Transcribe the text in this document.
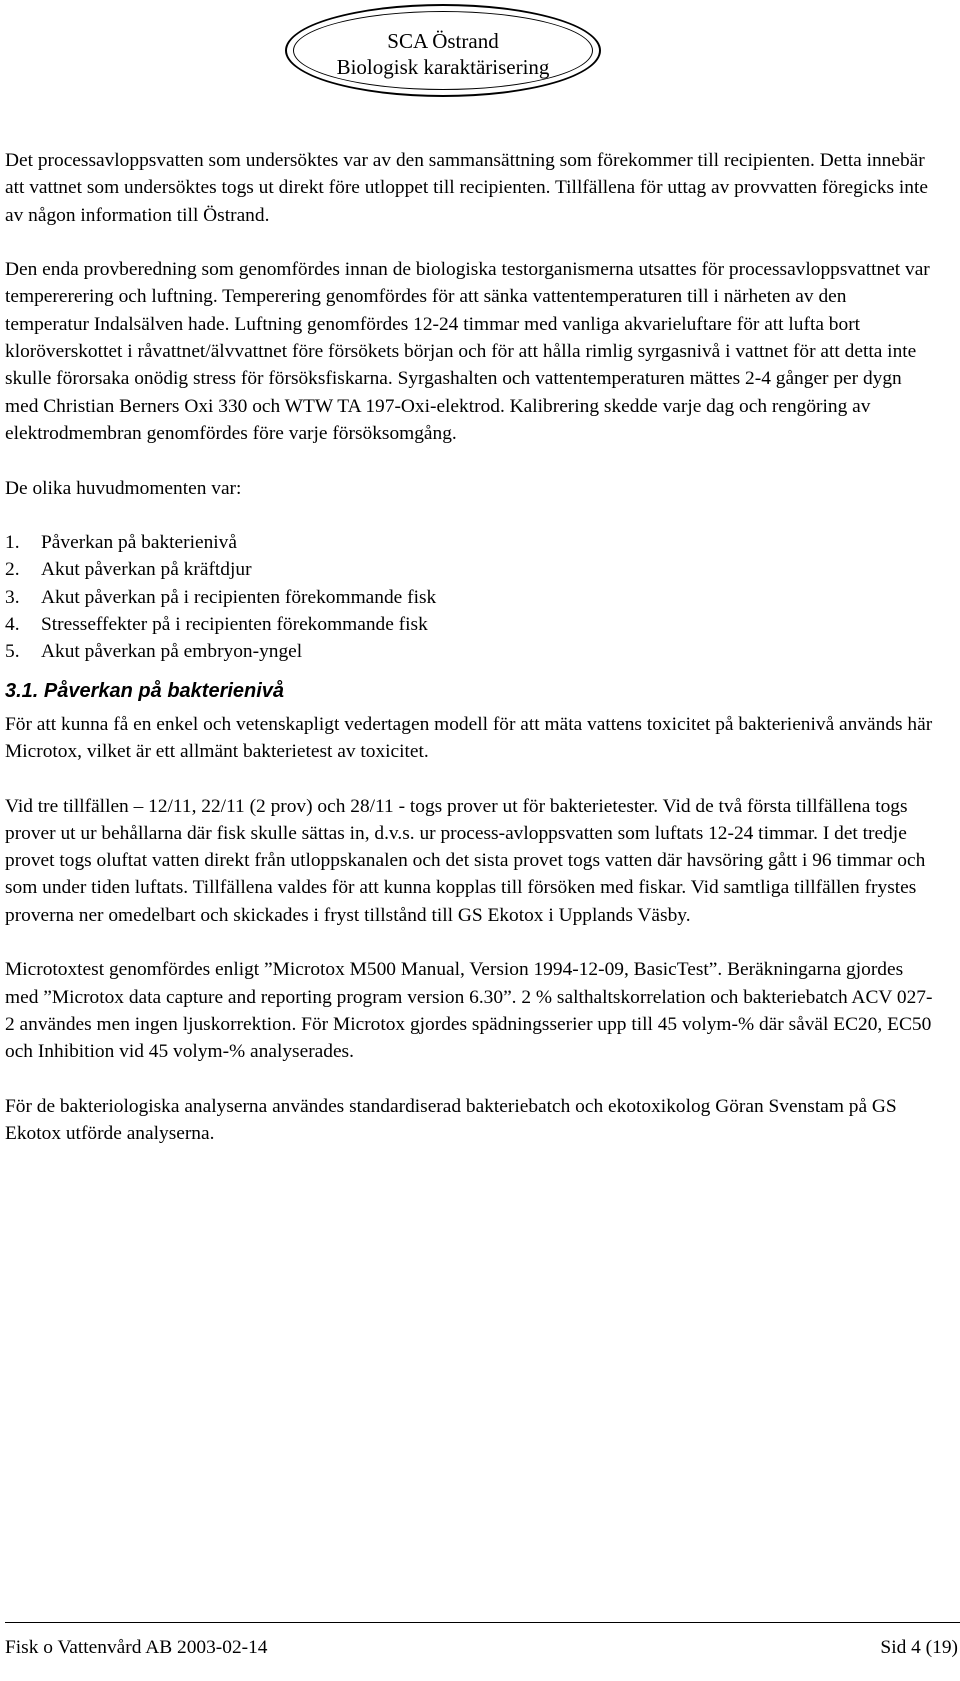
SCA Östrand
Biologisk karaktärisering

Det processavloppsvatten som undersöktes var av den sammansättning som förekommer till recipienten. Detta innebär att vattnet som undersöktes togs ut direkt före utloppet till recipienten. Tillfällena för uttag av provvatten föregicks inte av någon information till Östrand.

Den enda provberedning som genomfördes innan de biologiska testorganismerna utsattes för processavloppsvattnet var tempererering och luftning. Temperering genomfördes för att sänka vattentemperaturen till i närheten av den temperatur Indalsälven hade. Luftning genomfördes 12-24 timmar med vanliga akvarieluftare för att lufta bort kloröverskottet i råvattnet/älvvattnet före försökets början och för att hålla rimlig syrgasnivå i vattnet för att detta inte skulle förorsaka onödig stress för försöksfiskarna. Syrgashalten och vattentemperaturen mättes 2-4 gånger per dygn med Christian Berners Oxi 330 och WTW TA 197-Oxi-elektrod. Kalibrering skedde varje dag och rengöring av elektrodmembran genomfördes före varje försöksomgång.

De olika huvudmomenten var:

1. Påverkan på bakterienivå
2. Akut påverkan på kräftdjur
3. Akut påverkan på i recipienten förekommande fisk
4. Stresseffekter på i recipienten förekommande fisk
5. Akut påverkan på embryon-yngel
3.1. Påverkan på bakterienivå

För att kunna få en enkel och vetenskapligt vedertagen modell för att mäta vattens toxicitet på bakterienivå används här Microtox, vilket är ett allmänt bakterietest av toxicitet.

Vid tre tillfällen – 12/11, 22/11 (2 prov) och 28/11 - togs prover ut för bakterietester. Vid de två första tillfällena togs prover ut ur behållarna där fisk skulle sättas in, d.v.s. ur process-avloppsvatten som luftats 12-24 timmar. I det tredje provet togs oluftat vatten direkt från utloppskanalen och det sista provet togs vatten där havsöring gått i 96 timmar och som under tiden luftats. Tillfällena valdes för att kunna kopplas till försöken med fiskar. Vid samtliga tillfällen frystes proverna ner omedelbart och skickades i fryst tillstånd till GS Ekotox i Upplands Väsby.

Microtoxtest genomfördes enligt ”Microtox M500 Manual, Version 1994-12-09, BasicTest”. Beräkningarna gjordes med ”Microtox data capture and reporting program version 6.30”. 2 % salthaltskorrelation och bakteriebatch ACV 027-2 användes men ingen ljuskorrektion. För Microtox gjordes spädningsserier upp till 45 volym-% där såväl EC20, EC50 och Inhibition vid 45 volym-% analyserades.

För de bakteriologiska analyserna användes standardiserad bakteriebatch och ekotoxikolog Göran Svenstam på GS Ekotox utförde analyserna.

Fisk o Vattenvård AB 2003-02-14	Sid 4 (19)
